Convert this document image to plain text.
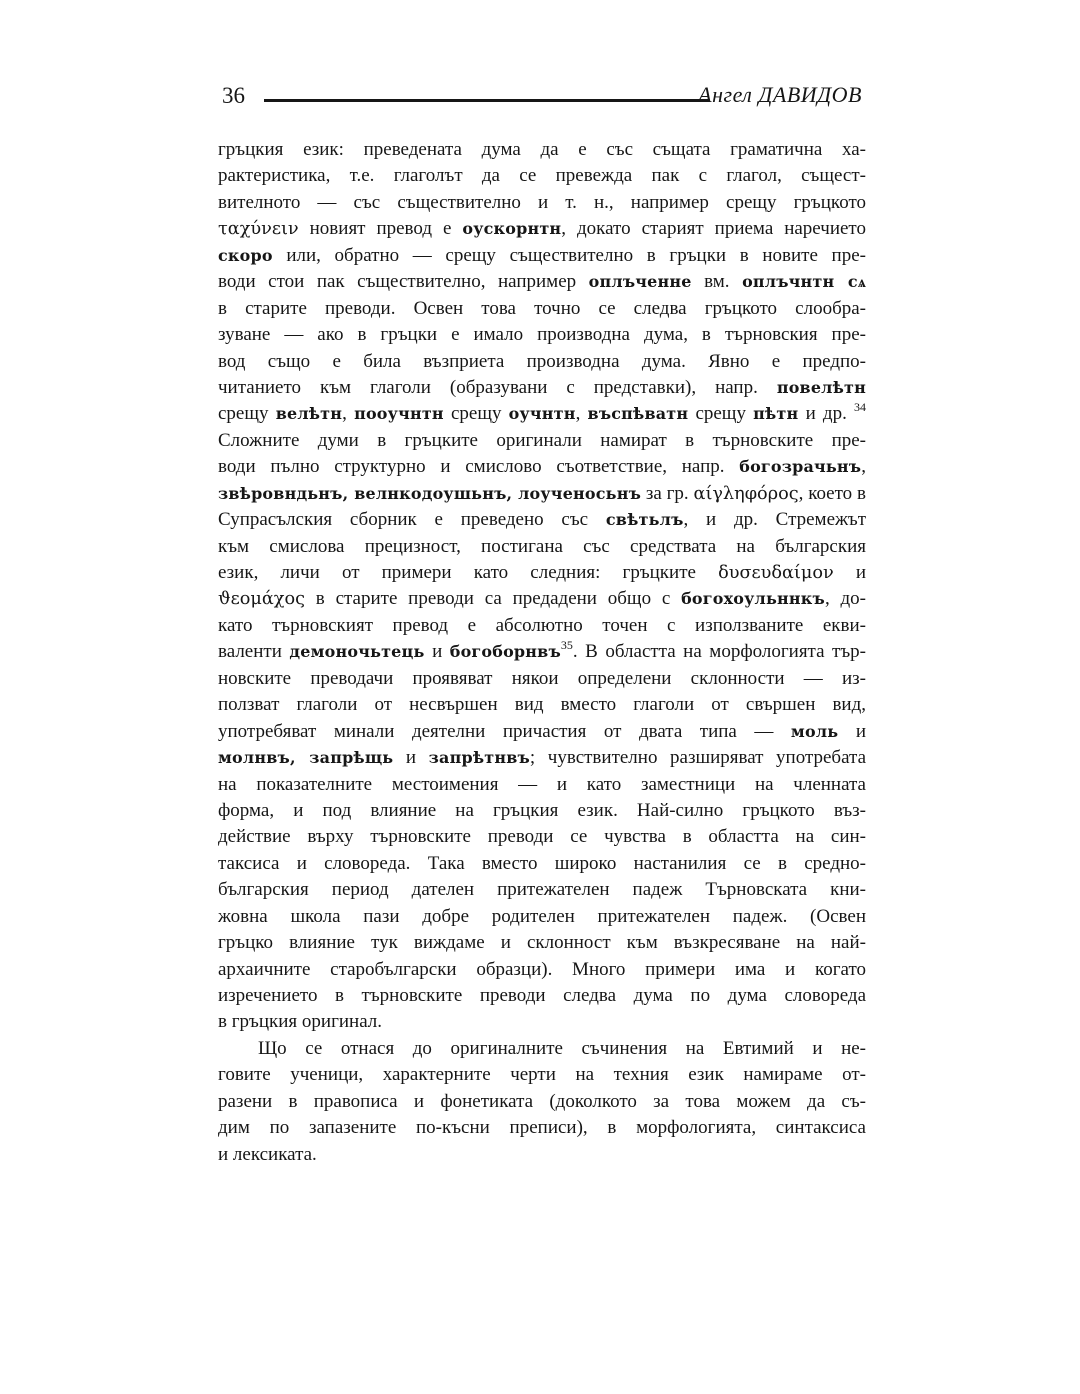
36	Ангел ДАВИДОВ
гръцкия език: преведената дума да е със същата граматична ха-
рактеристика, т.е. глаголът да се превежда пак с глагол, същест-
вителното — със съществително и т. н., например срещу гръцкото
ταχύνειν новият превод е оускорнтн, докато старият приема наречието
скоро или, обратно — срещу съществително в гръцки в новите пре-
води стои пак съществително, например оплъченне вм. оплъчнтн сѧ
в старите преводи. Освен това точно се следва гръцкото слообра-
зуване — ако в гръцки е имало производна дума, в търновския пре-
вод също е била възприета производна дума. Явно е предпо-
читанието към глаголи (образувани с представки), напр. повелѣтн
срещу велѣтн, пооучнтн срещу оучнтн, въспѣватн срещу пѣтн и др. $^{34}$
Сложните думи в гръцките оригинали намират в търновските пре-
води пълно структурно и смислово съответствие, напр. богозрачьнъ,
звѣровндьнъ, велнкодоушьнъ, лоученосьнъ за гр. αίγληφόρος, което в
Супрасълския сборник е преведено със свѣтьлъ, и др. Стремежът
към смислова прецизност, постигана със средствата на българския
език, личи от примери като следния: гръцките δυσευδαίμον и
ϑεομάχος в старите преводи са предадени общо с богохоульннкъ, до-
като търновският превод е абсолютно точен с използваните екви-
валенти демоночьтець и богоборнвъ$^{35}$. В областта на морфологията тър-
новските преводачи проявяват някои определени склонности — из-
ползват глаголи от несвършен вид вместо глаголи от свършен вид,
употребяват минали деятелни причастия от двата типа — моль и
молнвъ, запрѣщь и запрѣтнвъ; чувствително разширяват употребата
на показателните местоимения — и като заместници на членната
форма, и под влияние на гръцкия език. Най-силно гръцкото въз-
действие върху търновските преводи се чувства в областта на син-
таксиса и словореда. Така вместо широко настанилия се в средно-
българския период дателен притежателен падеж Търновската кни-
жовна школа пази добре родителен притежателен падеж. (Освен
гръцко влияние тук виждаме и склонност към възкресяване на най-
архаичните старобългарски образци). Много примери има и когато
изречението в търновските преводи следва дума по дума словореда
в гръцкия оригинал.
Що се отнася до оригиналните съчинения на Евтимий и не-
говите ученици, характерните черти на техния език намираме от-
разени в правописа и фонетиката (доколкото за това можем да съ-
дим по запазените по-късни преписи), в морфологията, синтаксиса
и лексиката.
